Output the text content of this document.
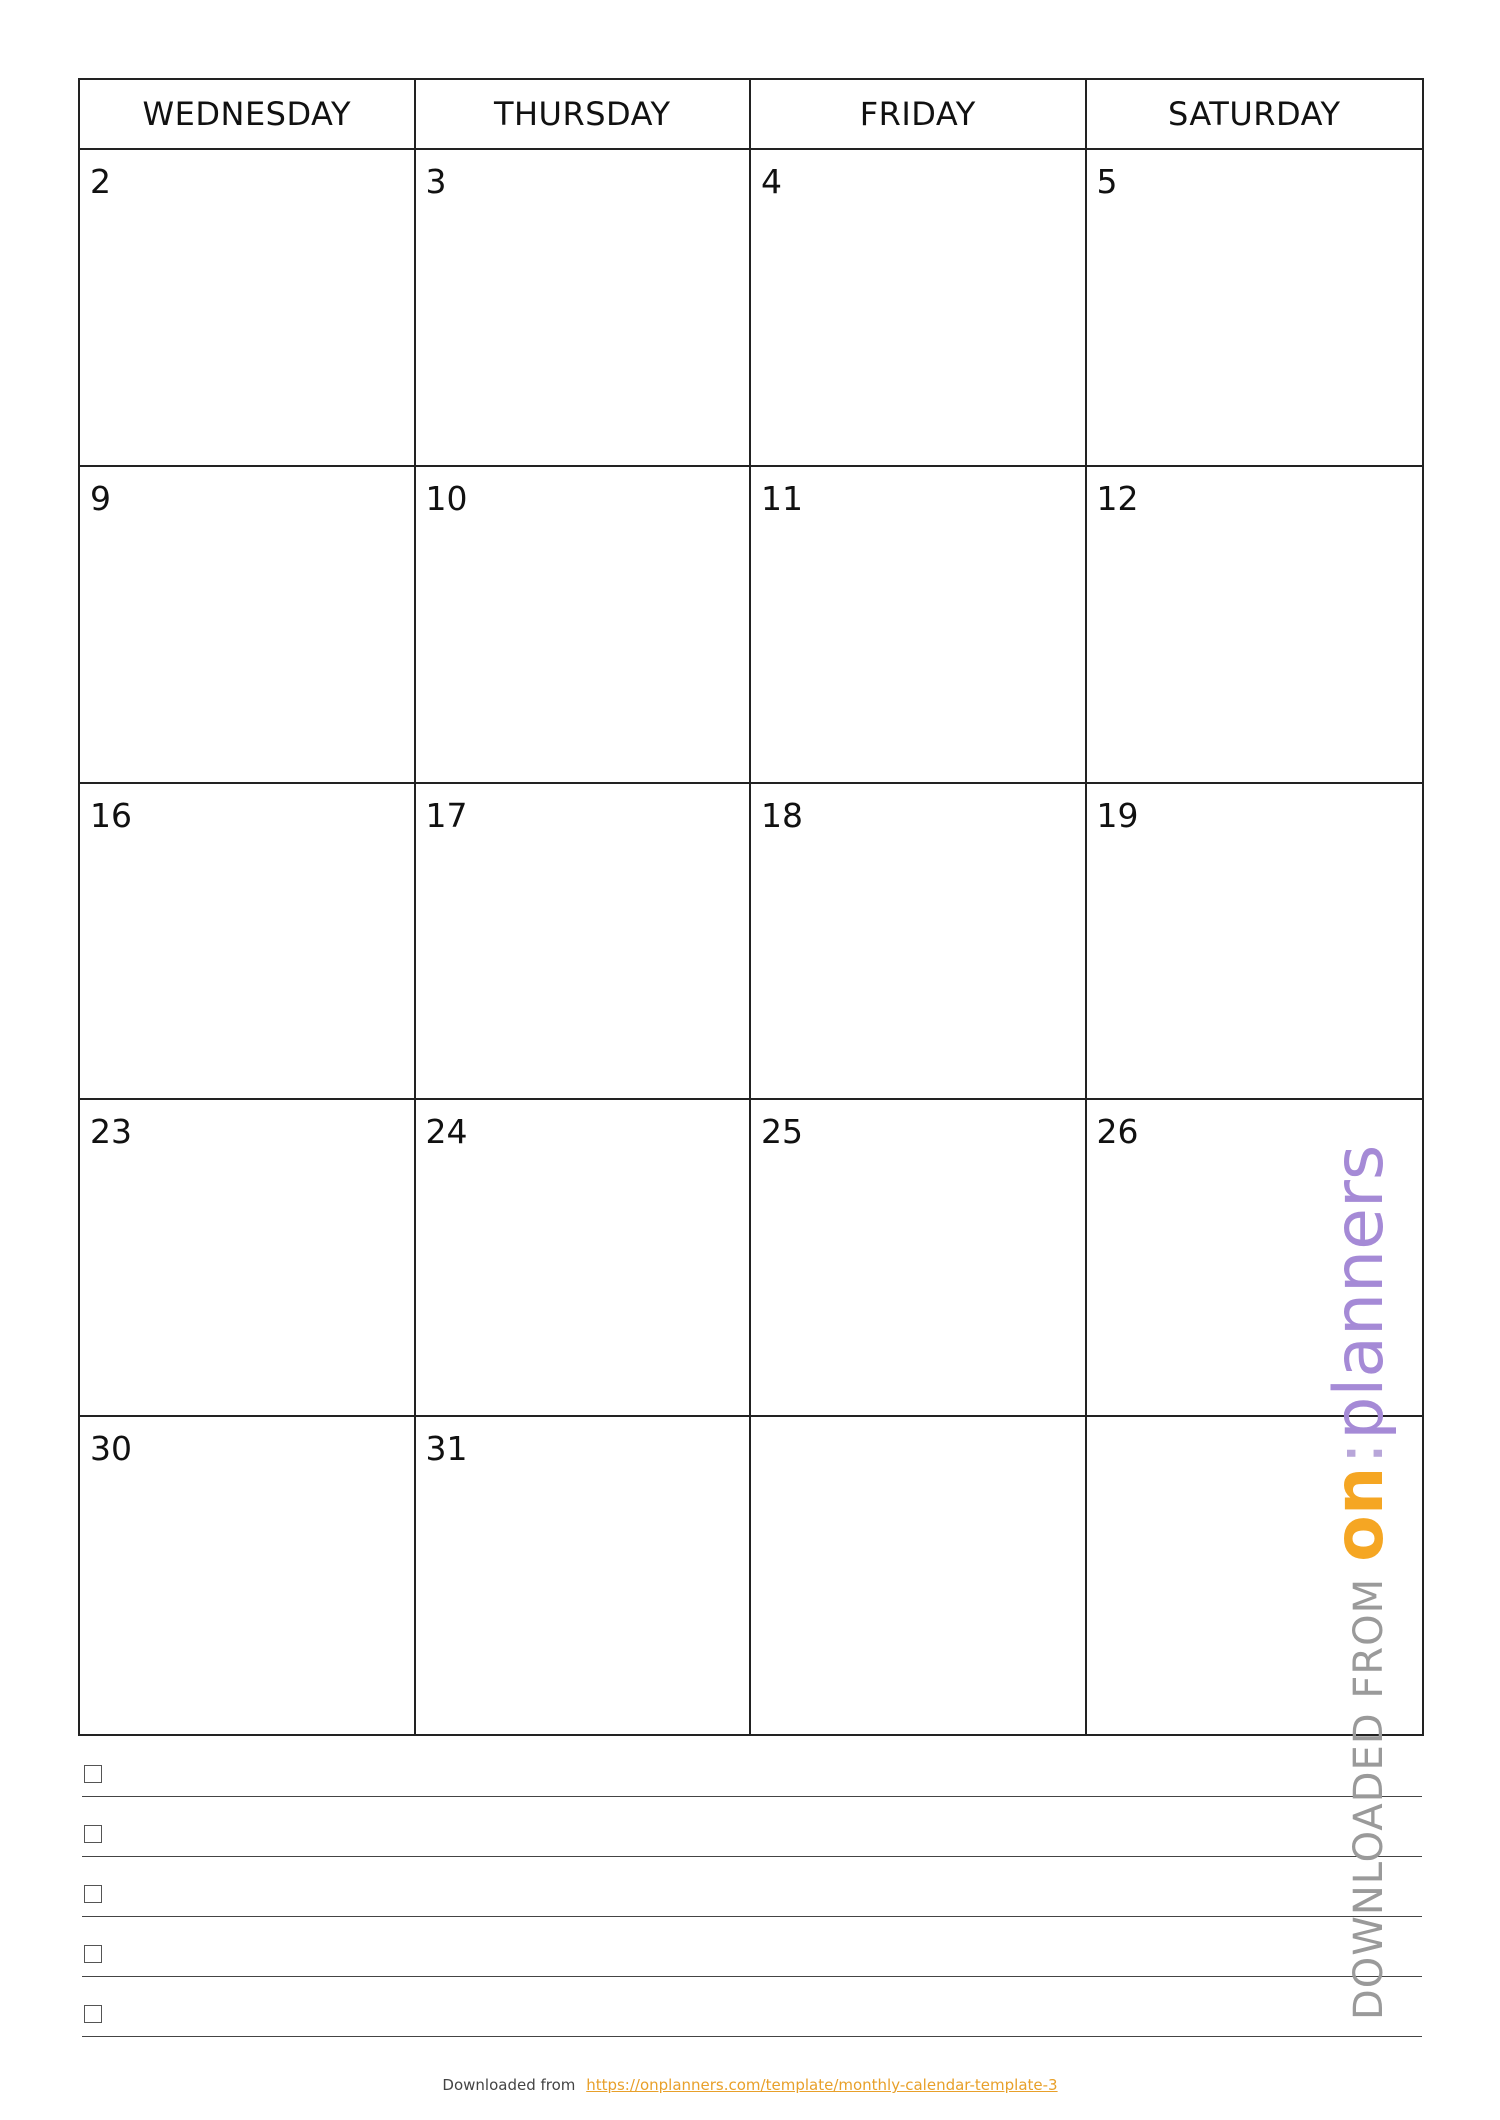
WEDNESDAY	THURSDAY	FRIDAY	SATURDAY
2	3	4	5
9	10	11	12
16	17	18	19
23	24	25	26
30	31
DOWNLOADED FROM
on
:
planners
Downloaded from https://onplanners.com/template/monthly-calendar-template-3
